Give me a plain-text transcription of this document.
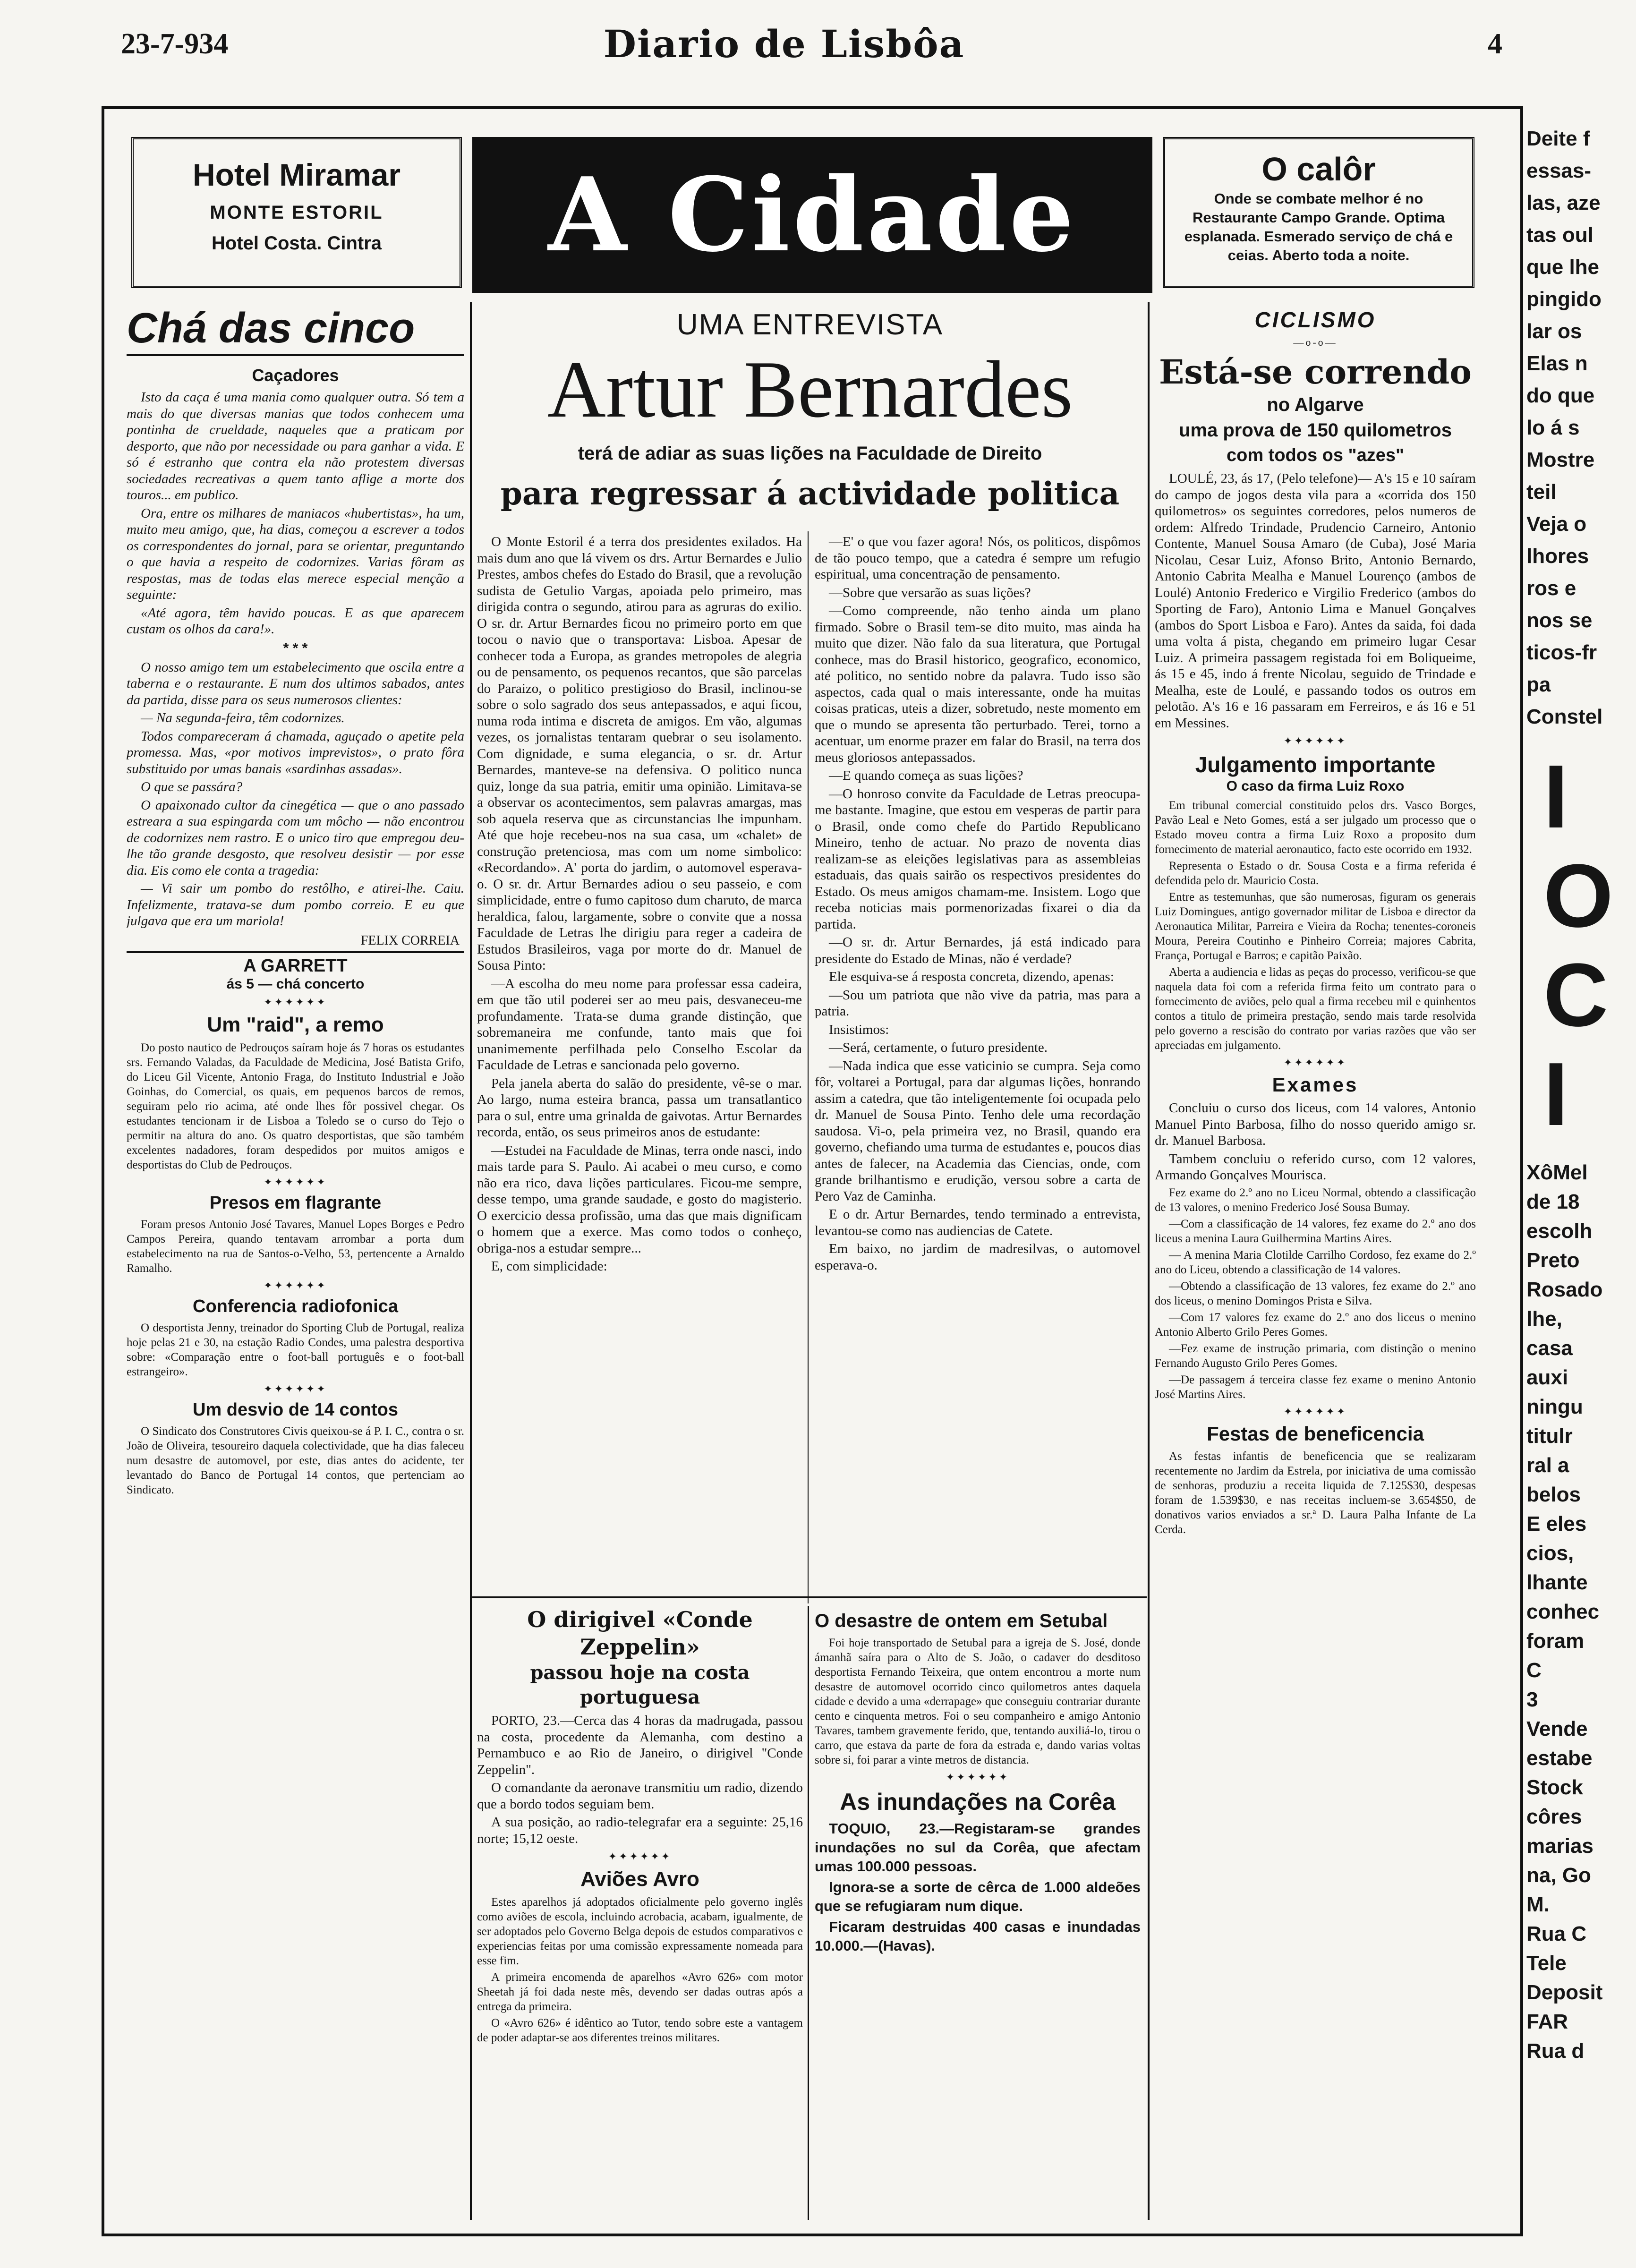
23-7-934	Diario de Lisbôa	4
Hotel Miramar
MONTE ESTORIL
Hotel Costa. Cintra	A Cidade	O calôr
Onde se combate melhor é no Restaurante Campo Grande. Optima esplanada. Esmerado serviço de chá e ceias. Aberto toda a noite.
Chá das cinco
Caçadores

Isto da caça é uma mania como qualquer outra. Só tem a mais do que diversas manias que todos conhecem uma pontinha de crueldade, naqueles que a praticam por desporto, que não por necessidade ou para ganhar a vida. E só é estranho que contra ela não protestem diversas sociedades recreativas a quem tanto aflige a morte dos touros... em publico.

Ora, entre os milhares de maniacos «hubertistas», ha um, muito meu amigo, que, ha dias, começou a escrever a todos os correspondentes do jornal, para se orientar, preguntando o que havia a respeito de codornizes. Varias fôram as respostas, mas de todas elas merece especial menção a seguinte:

«Até agora, têm havido poucas. E as que aparecem custam os olhos da cara!».

* * *

O nosso amigo tem um estabelecimento que oscila entre a taberna e o restaurante. E num dos ultimos sabados, antes da partida, disse para os seus numerosos clientes:

— Na segunda-feira, têm codornizes.

Todos compareceram á chamada, aguçado o apetite pela promessa. Mas, «por motivos imprevistos», o prato fôra substituido por umas banais «sardinhas assadas».

O que se passára?

O apaixonado cultor da cinegética — que o ano passado estreara a sua espingarda com um môcho — não encontrou de codornizes nem rastro. E o unico tiro que empregou deu-lhe tão grande desgosto, que resolveu desistir — por esse dia. Eis como ele conta a tragedia:

— Vi sair um pombo do restôlho, e atirei-lhe. Caiu. Infelizmente, tratava-se dum pombo correio. E eu que julgava que era um mariola!

FELIX CORREIA
A GARRETT
ás 5 — chá concerto
✦✦✦✦✦✦
Um "raid", a remo

Do posto nautico de Pedrouços saíram hoje ás 7 horas os estudantes srs. Fernando Valadas, da Faculdade de Medicina, José Batista Grifo, do Liceu Gil Vicente, Antonio Fraga, do Instituto Industrial e João Goinhas, do Comercial, os quais, em pequenos barcos de remos, seguiram pelo rio acima, até onde lhes fôr possivel chegar. Os estudantes tencionam ir de Lisboa a Toledo se o curso do Tejo o permitir na altura do ano. Os quatro desportistas, que são também excelentes nadadores, foram despedidos por muitos amigos e desportistas do Club de Pedrouços.

✦✦✦✦✦✦
Presos em flagrante

Foram presos Antonio José Tavares, Manuel Lopes Borges e Pedro Campos Pereira, quando tentavam arrombar a porta dum estabelecimento na rua de Santos-o-Velho, 53, pertencente a Arnaldo Ramalho.

✦✦✦✦✦✦
Conferencia radiofonica

O desportista Jenny, treinador do Sporting Club de Portugal, realiza hoje pelas 21 e 30, na estação Radio Condes, uma palestra desportiva sobre: «Comparação entre o foot-ball português e o foot-ball estrangeiro».

✦✦✦✦✦✦
Um desvio de 14 contos

O Sindicato dos Construtores Civis queixou-se á P. I. C., contra o sr. João de Oliveira, tesoureiro daquela colectividade, que ha dias faleceu num desastre de automovel, por este, dias antes do acidente, ter levantado do Banco de Portugal 14 contos, que pertenciam ao Sindicato.

UMA ENTREVISTA
Artur Bernardes
terá de adiar as suas lições na Faculdade de Direito
para regressar á actividade politica

O Monte Estoril é a terra dos presidentes exilados. Ha mais dum ano que lá vivem os drs. Artur Bernardes e Julio Prestes, ambos chefes do Estado do Brasil, que a revolução sudista de Getulio Vargas, apoiada pelo primeiro, mas dirigida contra o segundo, atirou para as agruras do exilio. O sr. dr. Artur Bernardes ficou no primeiro porto em que tocou o navio que o transportava: Lisboa. Apesar de conhecer toda a Europa, as grandes metropoles de alegria ou de pensamento, os pequenos recantos, que são parcelas do Paraizo, o politico prestigioso do Brasil, inclinou-se sobre o solo sagrado dos seus antepassados, e aqui ficou, numa roda intima e discreta de amigos. Em vão, algumas vezes, os jornalistas tentaram quebrar o seu isolamento. Com dignidade, e suma elegancia, o sr. dr. Artur Bernardes, manteve-se na defensiva. O politico nunca quiz, longe da sua patria, emitir uma opinião. Limitava-se a observar os acontecimentos, sem palavras amargas, mas sob aquela reserva que as circunstancias lhe impunham. Até que hoje recebeu-nos na sua casa, um «chalet» de construção pretenciosa, mas com um nome simbolico: «Recordando». A' porta do jardim, o automovel esperava-o. O sr. dr. Artur Bernardes adiou o seu passeio, e com simplicidade, entre o fumo capitoso dum charuto, de marca heraldica, falou, largamente, sobre o convite que a nossa Faculdade de Letras lhe dirigiu para reger a cadeira de Estudos Brasileiros, vaga por morte do dr. Manuel de Sousa Pinto:

—A escolha do meu nome para professar essa cadeira, em que tão util poderei ser ao meu pais, desvaneceu-me profundamente. Trata-se duma grande distinção, que sobremaneira me confunde, tanto mais que foi unanimemente perfilhada pelo Conselho Escolar da Faculdade de Letras e sancionada pelo governo.

Pela janela aberta do salão do presidente, vê-se o mar. Ao largo, numa esteira branca, passa um transatlantico para o sul, entre uma grinalda de gaivotas. Artur Bernardes recorda, então, os seus primeiros anos de estudante:

—Estudei na Faculdade de Minas, terra onde nasci, indo mais tarde para S. Paulo. Ai acabei o meu curso, e como não era rico, dava lições particulares. Ficou-me sempre, desse tempo, uma grande saudade, e gosto do magisterio. O exercicio dessa profissão, uma das que mais dignificam o homem que a exerce. Mas como todos o conheço, obriga-nos a estudar sempre...

E, com simplicidade:

—E' o que vou fazer agora! Nós, os politicos, dispômos de tão pouco tempo, que a catedra é sempre um refugio espiritual, uma concentração de pensamento.

—Sobre que versarão as suas lições?

—Como compreende, não tenho ainda um plano firmado. Sobre o Brasil tem-se dito muito, mas ainda ha muito que dizer. Não falo da sua literatura, que Portugal conhece, mas do Brasil historico, geografico, economico, até politico, no sentido nobre da palavra. Tudo isso são aspectos, cada qual o mais interessante, onde ha muitas coisas praticas, uteis a dizer, sobretudo, neste momento em que o mundo se apresenta tão perturbado. Terei, torno a acentuar, um enorme prazer em falar do Brasil, na terra dos meus gloriosos antepassados.

—E quando começa as suas lições?

—O honroso convite da Faculdade de Letras preocupa-me bastante. Imagine, que estou em vesperas de partir para o Brasil, onde como chefe do Partido Republicano Mineiro, tenho de actuar. No prazo de noventa dias realizam-se as eleições legislativas para as assembleias estaduais, das quais sairão os respectivos presidentes do Estado. Os meus amigos chamam-me. Insistem. Logo que receba noticias mais pormenorizadas fixarei o dia da partida.

—O sr. dr. Artur Bernardes, já está indicado para presidente do Estado de Minas, não é verdade?

Ele esquiva-se á resposta concreta, dizendo, apenas:

—Sou um patriota que não vive da patria, mas para a patria.

Insistimos:

—Será, certamente, o futuro presidente.

—Nada indica que esse vaticinio se cumpra. Seja como fôr, voltarei a Portugal, para dar algumas lições, honrando assim a catedra, que tão inteligentemente foi ocupada pelo dr. Manuel de Sousa Pinto. Tenho dele uma recordação saudosa. Vi-o, pela primeira vez, no Brasil, quando era governo, chefiando uma turma de estudantes e, poucos dias antes de falecer, na Academia das Ciencias, onde, com grande brilhantismo e erudição, versou sobre a carta de Pero Vaz de Caminha.

E o dr. Artur Bernardes, tendo terminado a entrevista, levantou-se como nas audiencias de Catete.

Em baixo, no jardim de madresilvas, o automovel esperava-o.

O dirigivel «Conde Zeppelin»
passou hoje na costa portuguesa

PORTO, 23.—Cerca das 4 horas da madrugada, passou na costa, procedente da Alemanha, com destino a Pernambuco e ao Rio de Janeiro, o dirigivel "Conde Zeppelin".

O comandante da aeronave transmitiu um radio, dizendo que a bordo todos seguiam bem.

A sua posição, ao radio-telegrafar era a seguinte: 25,16 norte; 15,12 oeste.

✦✦✦✦✦✦
Aviões Avro

Estes aparelhos já adoptados oficialmente pelo governo inglês como aviões de escola, incluindo acrobacia, acabam, igualmente, de ser adoptados pelo Governo Belga depois de estudos comparativos e experiencias feitas por uma comissão expressamente nomeada para esse fim.

A primeira encomenda de aparelhos «Avro 626» com motor Sheetah já foi dada neste mês, devendo ser dadas outras após a entrega da primeira.

O «Avro 626» é idêntico ao Tutor, tendo sobre este a vantagem de poder adaptar-se aos diferentes treinos militares.

O desastre de ontem em Setubal

Foi hoje transportado de Setubal para a igreja de S. José, donde ámanhã saíra para o Alto de S. João, o cadaver do desditoso desportista Fernando Teixeira, que ontem encontrou a morte num desastre de automovel ocorrido cinco quilometros antes daquela cidade e devido a uma «derrapage» que conseguiu contrariar durante cento e cinquenta metros. Foi o seu companheiro e amigo Antonio Tavares, tambem gravemente ferido, que, tentando auxiliá-lo, tirou o carro, que estava da parte de fora da estrada e, dando varias voltas sobre si, foi parar a vinte metros de distancia.

✦✦✦✦✦✦
As inundações na Corêa

TOQUIO, 23.—Registaram-se grandes inundações no sul da Corêa, que afectam umas 100.000 pessoas.

Ignora-se a sorte de cêrca de 1.000 aldeões que se refugiaram num dique.

Ficaram destruidas 400 casas e inundadas 10.000.—(Havas).

CICLISMO
—o-o—
Está-se correndo
no Algarve
uma prova de 150 quilometros
com todos os "azes"

LOULÉ, 23, ás 17, (Pelo telefone)— A's 15 e 10 saíram do campo de jogos desta vila para a «corrida dos 150 quilometros» os seguintes corredores, pelos numeros de ordem: Alfredo Trindade, Prudencio Carneiro, Antonio Contente, Manuel Sousa Amaro (de Cuba), José Maria Nicolau, Cesar Luiz, Afonso Brito, Antonio Bernardo, Antonio Cabrita Mealha e Manuel Lourenço (ambos de Loulé) Antonio Frederico e Virgilio Frederico (ambos do Sporting de Faro), Antonio Lima e Manuel Gonçalves (ambos do Sport Lisboa e Faro). Antes da saida, foi dada uma volta á pista, chegando em primeiro lugar Cesar Luiz. A primeira passagem registada foi em Boliqueime, ás 15 e 45, indo á frente Nicolau, seguido de Trindade e Mealha, este de Loulé, e passando todos os outros em pelotão. A's 16 e 16 passaram em Ferreiros, e ás 16 e 51 em Messines.

✦✦✦✦✦✦
Julgamento importante
O caso da firma Luiz Roxo

Em tribunal comercial constituido pelos drs. Vasco Borges, Pavão Leal e Neto Gomes, está a ser julgado um processo que o Estado moveu contra a firma Luiz Roxo a proposito dum fornecimento de material aeronautico, facto este ocorrido em 1932.

Representa o Estado o dr. Sousa Costa e a firma referida é defendida pelo dr. Mauricio Costa.

Entre as testemunhas, que são numerosas, figuram os generais Luiz Domingues, antigo governador militar de Lisboa e director da Aeronautica Militar, Parreira e Vieira da Rocha; tenentes-coroneis Moura, Pereira Coutinho e Pinheiro Correia; majores Cabrita, França, Portugal e Barros; e capitão Paixão.

Aberta a audiencia e lidas as peças do processo, verificou-se que naquela data foi com a referida firma feito um contrato para o fornecimento de aviões, pelo qual a firma recebeu mil e quinhentos contos a titulo de primeira prestação, sendo mais tarde resolvida pelo governo a rescisão do contrato por varias razões que vão ser apreciadas em julgamento.

✦✦✦✦✦✦
Exames

Concluiu o curso dos liceus, com 14 valores, Antonio Manuel Pinto Barbosa, filho do nosso querido amigo sr. dr. Manuel Barbosa.

Tambem concluiu o referido curso, com 12 valores, Armando Gonçalves Mourisca.

Fez exame do 2.º ano no Liceu Normal, obtendo a classificação de 13 valores, o menino Frederico José Sousa Bumay.

—Com a classificação de 14 valores, fez exame do 2.º ano dos liceus a menina Laura Guilhermina Martins Aires.

— A menina Maria Clotilde Carrilho Cordoso, fez exame do 2.º ano do Liceu, obtendo a classificação de 14 valores.

—Obtendo a classificação de 13 valores, fez exame do 2.º ano dos liceus, o menino Domingos Prista e Silva.

—Com 17 valores fez exame do 2.º ano dos liceus o menino Antonio Alberto Grilo Peres Gomes.

—Fez exame de instrução primaria, com distinção o menino Fernando Augusto Grilo Peres Gomes.

—De passagem á terceira classe fez exame o menino Antonio José Martins Aires.

✦✦✦✦✦✦
Festas de beneficencia

As festas infantis de beneficencia que se realizaram recentemente no Jardim da Estrela, por iniciativa de uma comissão de senhoras, produziu a receita liquida de 7.125$30, despesas foram de 1.539$30, e nas receitas incluem-se 3.654$50, de donativos varios enviados a sr.ª D. Laura Palha Infante de La Cerda.

Deite f
essas-
las, aze
tas oul
que lhe
pingido
lar os
Elas n
do que
lo á s
Mostre
teil
Veja o
lhores
ros e
nos se
ticos-fr
pa
Constel
I
O
C
I
XôMel
de 18
escolh
Preto
Rosado
lhe,
casa
auxi
ningu
titulr
ral a
belos
E eles
cios,
lhante
conhec
foram
C
3
Vende
estabe
Stock
côres
marias
na, Go
M.
Rua C
Tele
Deposit
FAR
Rua d
